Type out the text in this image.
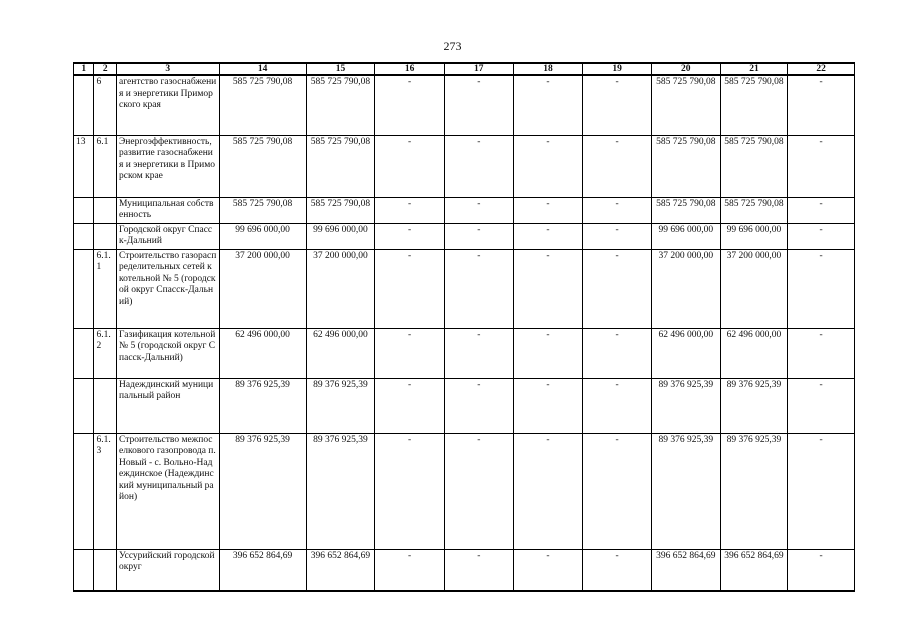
273
1	2	3	14	15	16	17	18	19	20	21	22
	6	агентство газоснабжения и энергетики Приморского края	585 725 790,08	585 725 790,08	-	-	-	-	585 725 790,08	585 725 790,08	-
13	6.1	Энергоэффективность, развитие газоснабжения и энергетики в Приморском крае	585 725 790,08	585 725 790,08	-	-	-	-	585 725 790,08	585 725 790,08	-
		Муниципальная собственность	585 725 790,08	585 725 790,08	-	-	-	-	585 725 790,08	585 725 790,08	-
		Городской округ Спасск-Дальний	99 696 000,00	99 696 000,00	-	-	-	-	99 696 000,00	99 696 000,00	-
	6.1.1	Строительство газораспределительных сетей к котельной № 5 (городской округ Спасск-Дальний)	37 200 000,00	37 200 000,00	-	-	-	-	37 200 000,00	37 200 000,00	-
	6.1.2	Газификация котельной № 5 (городской округ Спасск-Дальний)	62 496 000,00	62 496 000,00	-	-	-	-	62 496 000,00	62 496 000,00	-
		Надеждинский муниципальный район	89 376 925,39	89 376 925,39	-	-	-	-	89 376 925,39	89 376 925,39	-
	6.1.3	Строительство межпоселкового газопровода п. Новый - с. Вольно-Надеждинское (Надеждинский муниципальный район)	89 376 925,39	89 376 925,39	-	-	-	-	89 376 925,39	89 376 925,39	-
		Уссурийский городской округ	396 652 864,69	396 652 864,69	-	-	-	-	396 652 864,69	396 652 864,69	-
